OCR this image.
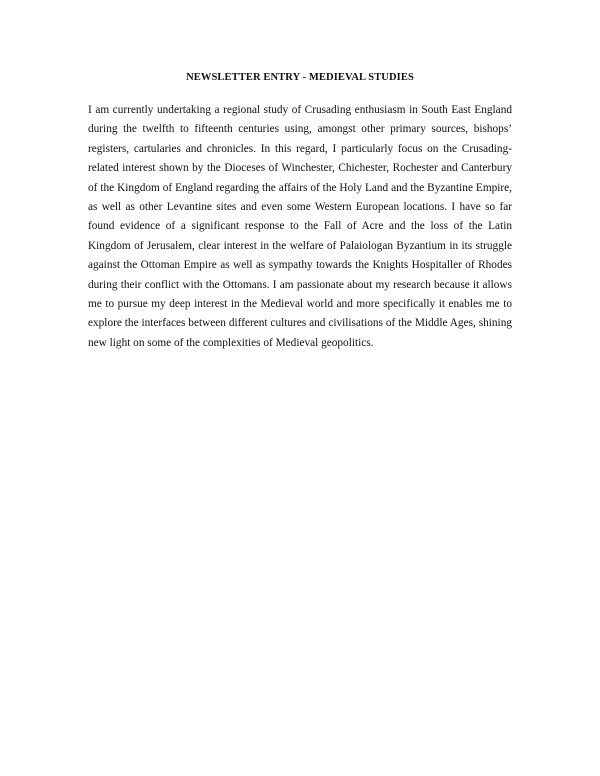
NEWSLETTER ENTRY - MEDIEVAL STUDIES

I am currently undertaking a regional study of Crusading enthusiasm in South East England during the twelfth to fifteenth centuries using, amongst other primary sources, bishops’ registers, cartularies and chronicles. In this regard, I particularly focus on the Crusading-related interest shown by the Dioceses of Winchester, Chichester, Rochester and Canterbury of the Kingdom of England regarding the affairs of the Holy Land and the Byzantine Empire, as well as other Levantine sites and even some Western European locations. I have so far found evidence of a significant response to the Fall of Acre and the loss of the Latin Kingdom of Jerusalem, clear interest in the welfare of Palaiologan Byzantium in its struggle against the Ottoman Empire as well as sympathy towards the Knights Hospitaller of Rhodes during their conflict with the Ottomans. I am passionate about my research because it allows me to pursue my deep interest in the Medieval world and more specifically it enables me to explore the interfaces between different cultures and civilisations of the Middle Ages, shining new light on some of the complexities of Medieval geopolitics.
